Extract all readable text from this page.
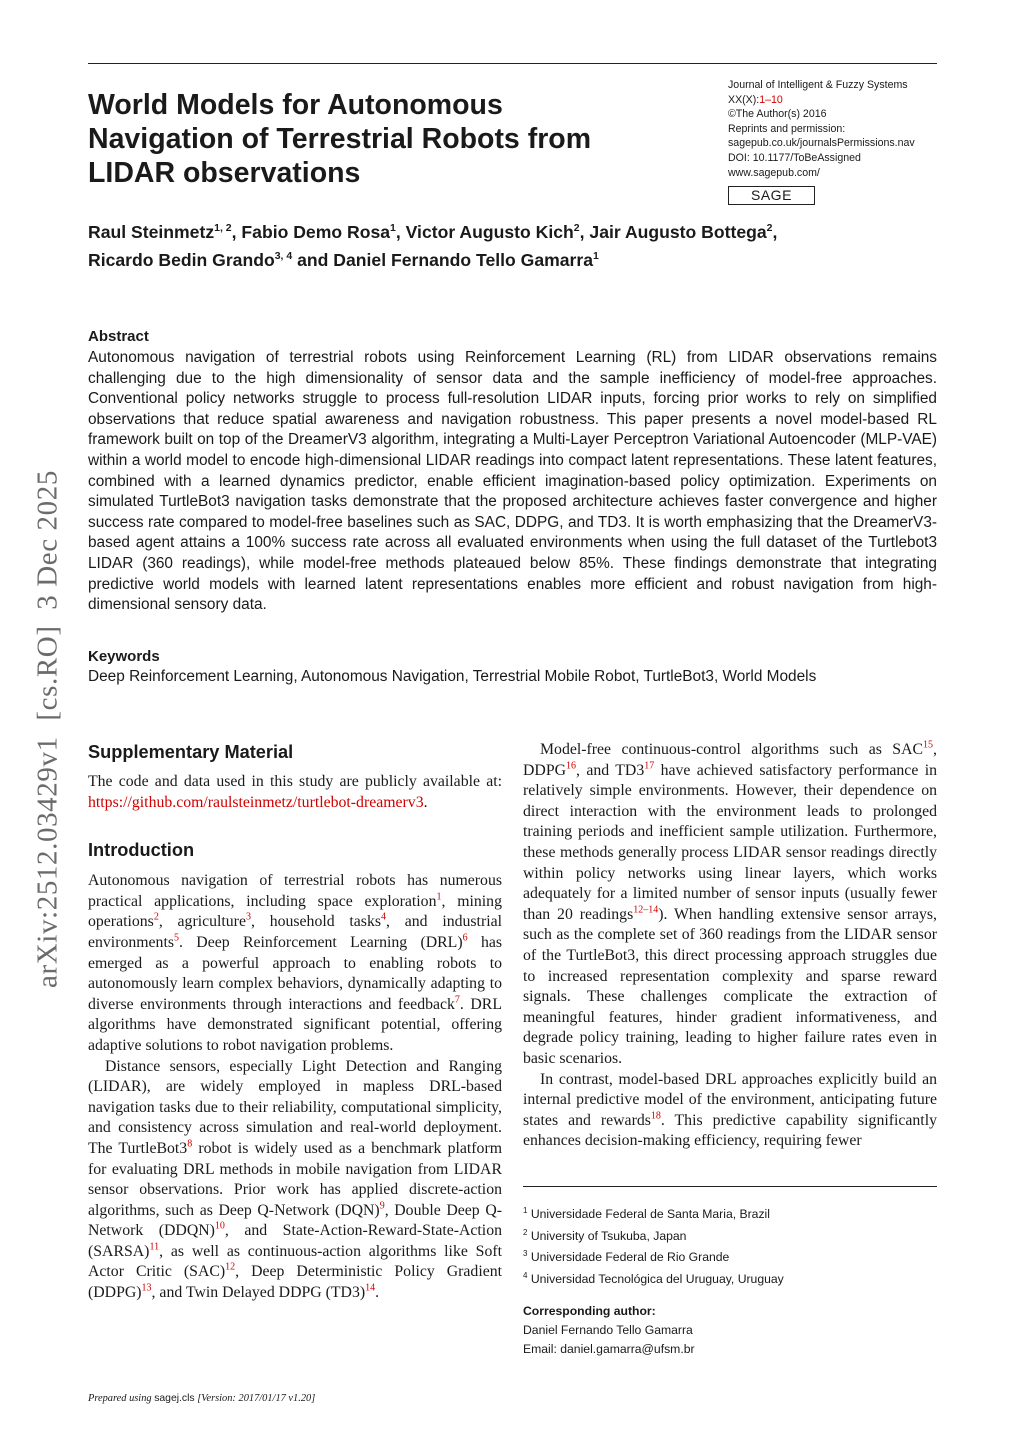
World Models for Autonomous Navigation of Terrestrial Robots from LIDAR observations
Journal of Intelligent & Fuzzy Systems
XX(X):1–10
©The Author(s) 2016
Reprints and permission:
sagepub.co.uk/journalsPermissions.nav
DOI: 10.1177/ToBeAssigned
www.sagepub.com/
SAGE
Raul Steinmetz$^{1, 2}$, Fabio Demo Rosa$^1$, Victor Augusto Kich$^2$, Jair Augusto Bottega$^2$,
Ricardo Bedin Grando$^{3, 4}$ and Daniel Fernando Tello Gamarra$^1$
arXiv:2512.03429v1  [cs.RO]  3 Dec 2025
Abstract

Autonomous navigation of terrestrial robots using Reinforcement Learning (RL) from LIDAR observations remains challenging due to the high dimensionality of sensor data and the sample inefficiency of model-free approaches. Conventional policy networks struggle to process full-resolution LIDAR inputs, forcing prior works to rely on simplified observations that reduce spatial awareness and navigation robustness. This paper presents a novel model-based RL framework built on top of the DreamerV3 algorithm, integrating a Multi-Layer Perceptron Variational Autoencoder (MLP-VAE) within a world model to encode high-dimensional LIDAR readings into compact latent representations. These latent features, combined with a learned dynamics predictor, enable efficient imagination-based policy optimization. Experiments on simulated TurtleBot3 navigation tasks demonstrate that the proposed architecture achieves faster convergence and higher success rate compared to model-free baselines such as SAC, DDPG, and TD3. It is worth emphasizing that the DreamerV3-based agent attains a 100% success rate across all evaluated environments when using the full dataset of the Turtlebot3 LIDAR (360 readings), while model-free methods plateaued below 85%. These findings demonstrate that integrating predictive world models with learned latent representations enables more efficient and robust navigation from high-dimensional sensory data.

Keywords

Deep Reinforcement Learning, Autonomous Navigation, Terrestrial Mobile Robot, TurtleBot3, World Models

Supplementary Material

The code and data used in this study are publicly available at: https://github.com/raulsteinmetz/turtlebot-dreamerv3.

Introduction

Autonomous navigation of terrestrial robots has numerous practical applications, including space exploration$^1$, mining operations$^2$, agriculture$^3$, household tasks$^4$, and industrial environments$^5$. Deep Reinforcement Learning (DRL)$^6$ has emerged as a powerful approach to enabling robots to autonomously learn complex behaviors, dynamically adapting to diverse environments through interactions and feedback$^7$. DRL algorithms have demonstrated significant potential, offering adaptive solutions to robot navigation problems.

Distance sensors, especially Light Detection and Ranging (LIDAR), are widely employed in mapless DRL-based navigation tasks due to their reliability, computational simplicity, and consistency across simulation and real-world deployment. The TurtleBot3$^8$ robot is widely used as a benchmark platform for evaluating DRL methods in mobile navigation from LIDAR sensor observations. Prior work has applied discrete-action algorithms, such as Deep Q-Network (DQN)$^9$, Double Deep Q-Network (DDQN)$^{10}$, and State-Action-Reward-State-Action (SARSA)$^{11}$, as well as continuous-action algorithms like Soft Actor Critic (SAC)$^{12}$, Deep Deterministic Policy Gradient (DDPG)$^{13}$, and Twin Delayed DDPG (TD3)$^{14}$.

Model-free continuous-control algorithms such as SAC$^{15}$, DDPG$^{16}$, and TD3$^{17}$ have achieved satisfactory performance in relatively simple environments. However, their dependence on direct interaction with the environment leads to prolonged training periods and inefficient sample utilization. Furthermore, these methods generally process LIDAR sensor readings directly within policy networks using linear layers, which works adequately for a limited number of sensor inputs (usually fewer than 20 readings$^{12-14}$). When handling extensive sensor arrays, such as the complete set of 360 readings from the LIDAR sensor of the TurtleBot3, this direct processing approach struggles due to increased representation complexity and sparse reward signals. These challenges complicate the extraction of meaningful features, hinder gradient informativeness, and degrade policy training, leading to higher failure rates even in basic scenarios.

In contrast, model-based DRL approaches explicitly build an internal predictive model of the environment, anticipating future states and rewards$^{18}$. This predictive capability significantly enhances decision-making efficiency, requiring fewer

$^1$ Universidade Federal de Santa Maria, Brazil
$^2$ University of Tsukuba, Japan
$^3$ Universidade Federal de Rio Grande
$^4$ Universidad Tecnológica del Uruguay, Uruguay
Corresponding author:
Daniel Fernando Tello Gamarra
Email: daniel.gamarra@ufsm.br
Prepared using sagej.cls [Version: 2017/01/17 v1.20]
